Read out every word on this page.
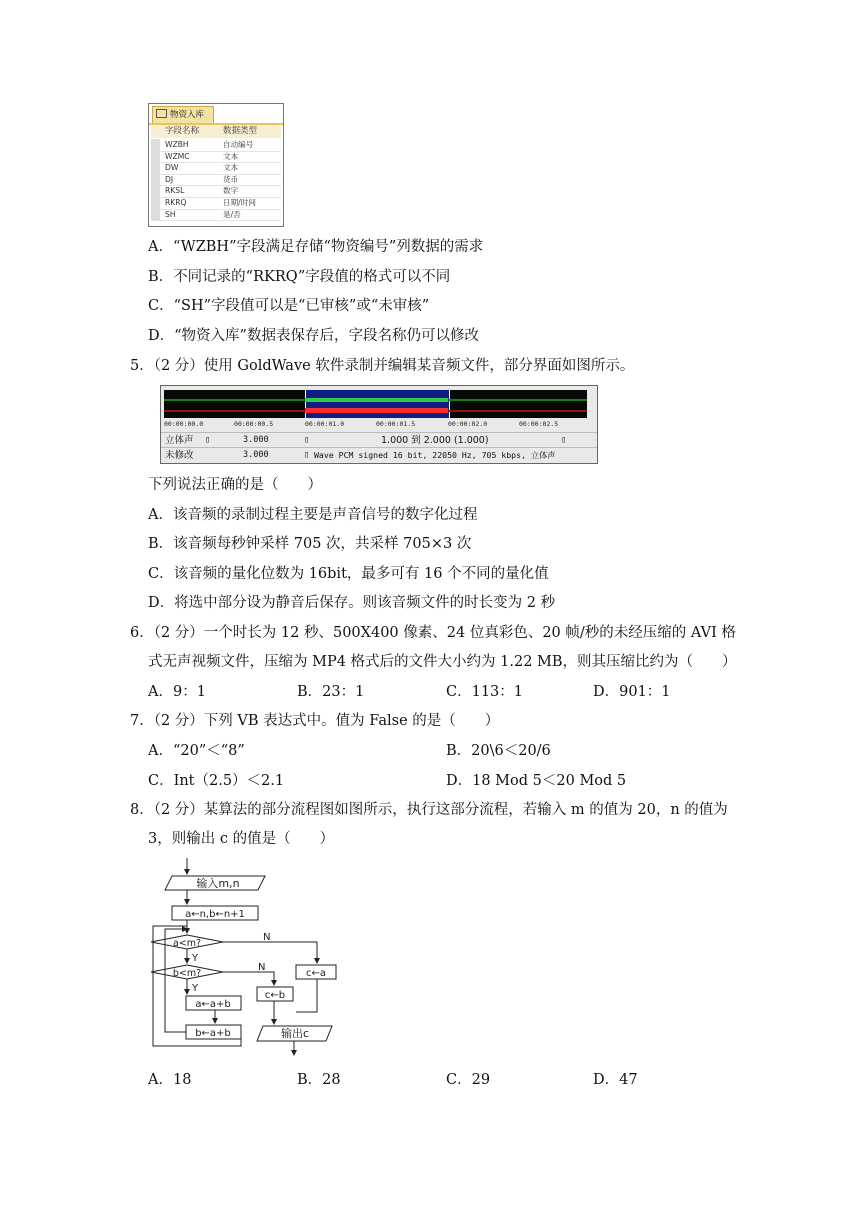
物资入库
字段名称	数据类型
WZBH	自动编号
WZMC	文本
DW	文本
DJ	货币
RKSL	数字
RKRQ	日期/时间
SH	是/否
A．“WZBH”字段满足存储“物资编号”列数据的需求
B．不同记录的“RKRQ”字段值的格式可以不同
C．“SH”字段值可以是“已审核”或“未审核”
D．“物资入库”数据表保存后，字段名称仍可以修改
5．（2 分）使用 GoldWave 软件录制并编辑某音频文件，部分界面如图所示。
00:00:00.0	00:00:00.5	00:00:01.0	00:00:01.5	00:00:02.0	00:00:02.5
立体声 ▯	3.000	▯	1.000 到 2.000 (1.000)	▯
未修改	3.000	▯ Wave PCM signed 16 bit, 22050 Hz, 705 kbps, 立体声
下列说法正确的是（　　）
A．该音频的录制过程主要是声音信号的数字化过程
B．该音频每秒钟采样 705 次，共采样 705×3 次
C．该音频的量化位数为 16bit，最多可有 16 个不同的量化值
D．将选中部分设为静音后保存。则该音频文件的时长变为 2 秒
6．（2 分）一个时长为 12 秒、500X400 像素、24 位真彩色、20 帧/秒的未经压缩的 AVI 格
式无声视频文件，压缩为 MP4 格式后的文件大小约为 1.22 MB，则其压缩比约为（　　）
A．9：1	B．23：1	C．113：1	D．901：1
7．（2 分）下列 VB 表达式中。值为 False 的是（　　）
A．“20”＜“8”	B．20\6＜20/6
C．Int（2.5）＜2.1	D．18 Mod 5＜20 Mod 5
8．（2 分）某算法的部分流程图如图所示，执行这部分流程，若输入 m 的值为 20，n 的值为
3，则输出 c 的值是（　　）
输入m,n
a←n,b←n+1
a<m?
N
Y
b<m?
N
Y
c←b
c←a
a←a+b
b←a+b	输出c
A．18	B．28	C．29	D．47
